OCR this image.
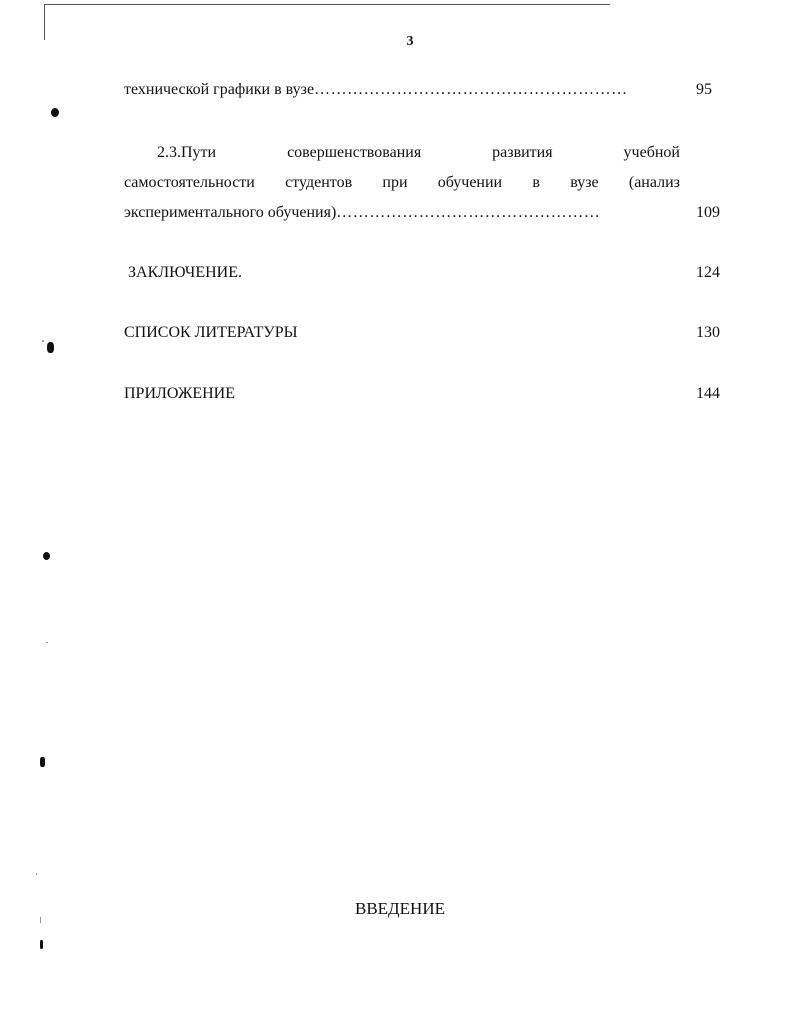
3
технической графики в вузе…………………………………………………	95
2.3.Пути	совершенствования	развития	учебной
самостоятельности студентов при обучении в вузе (анализ
экспериментального обучения)…………………………………………	109
ЗАКЛЮЧЕНИЕ.	124
СПИСОК ЛИТЕРАТУРЫ	130
ПРИЛОЖЕНИЕ	144
ВВЕДЕНИЕ
